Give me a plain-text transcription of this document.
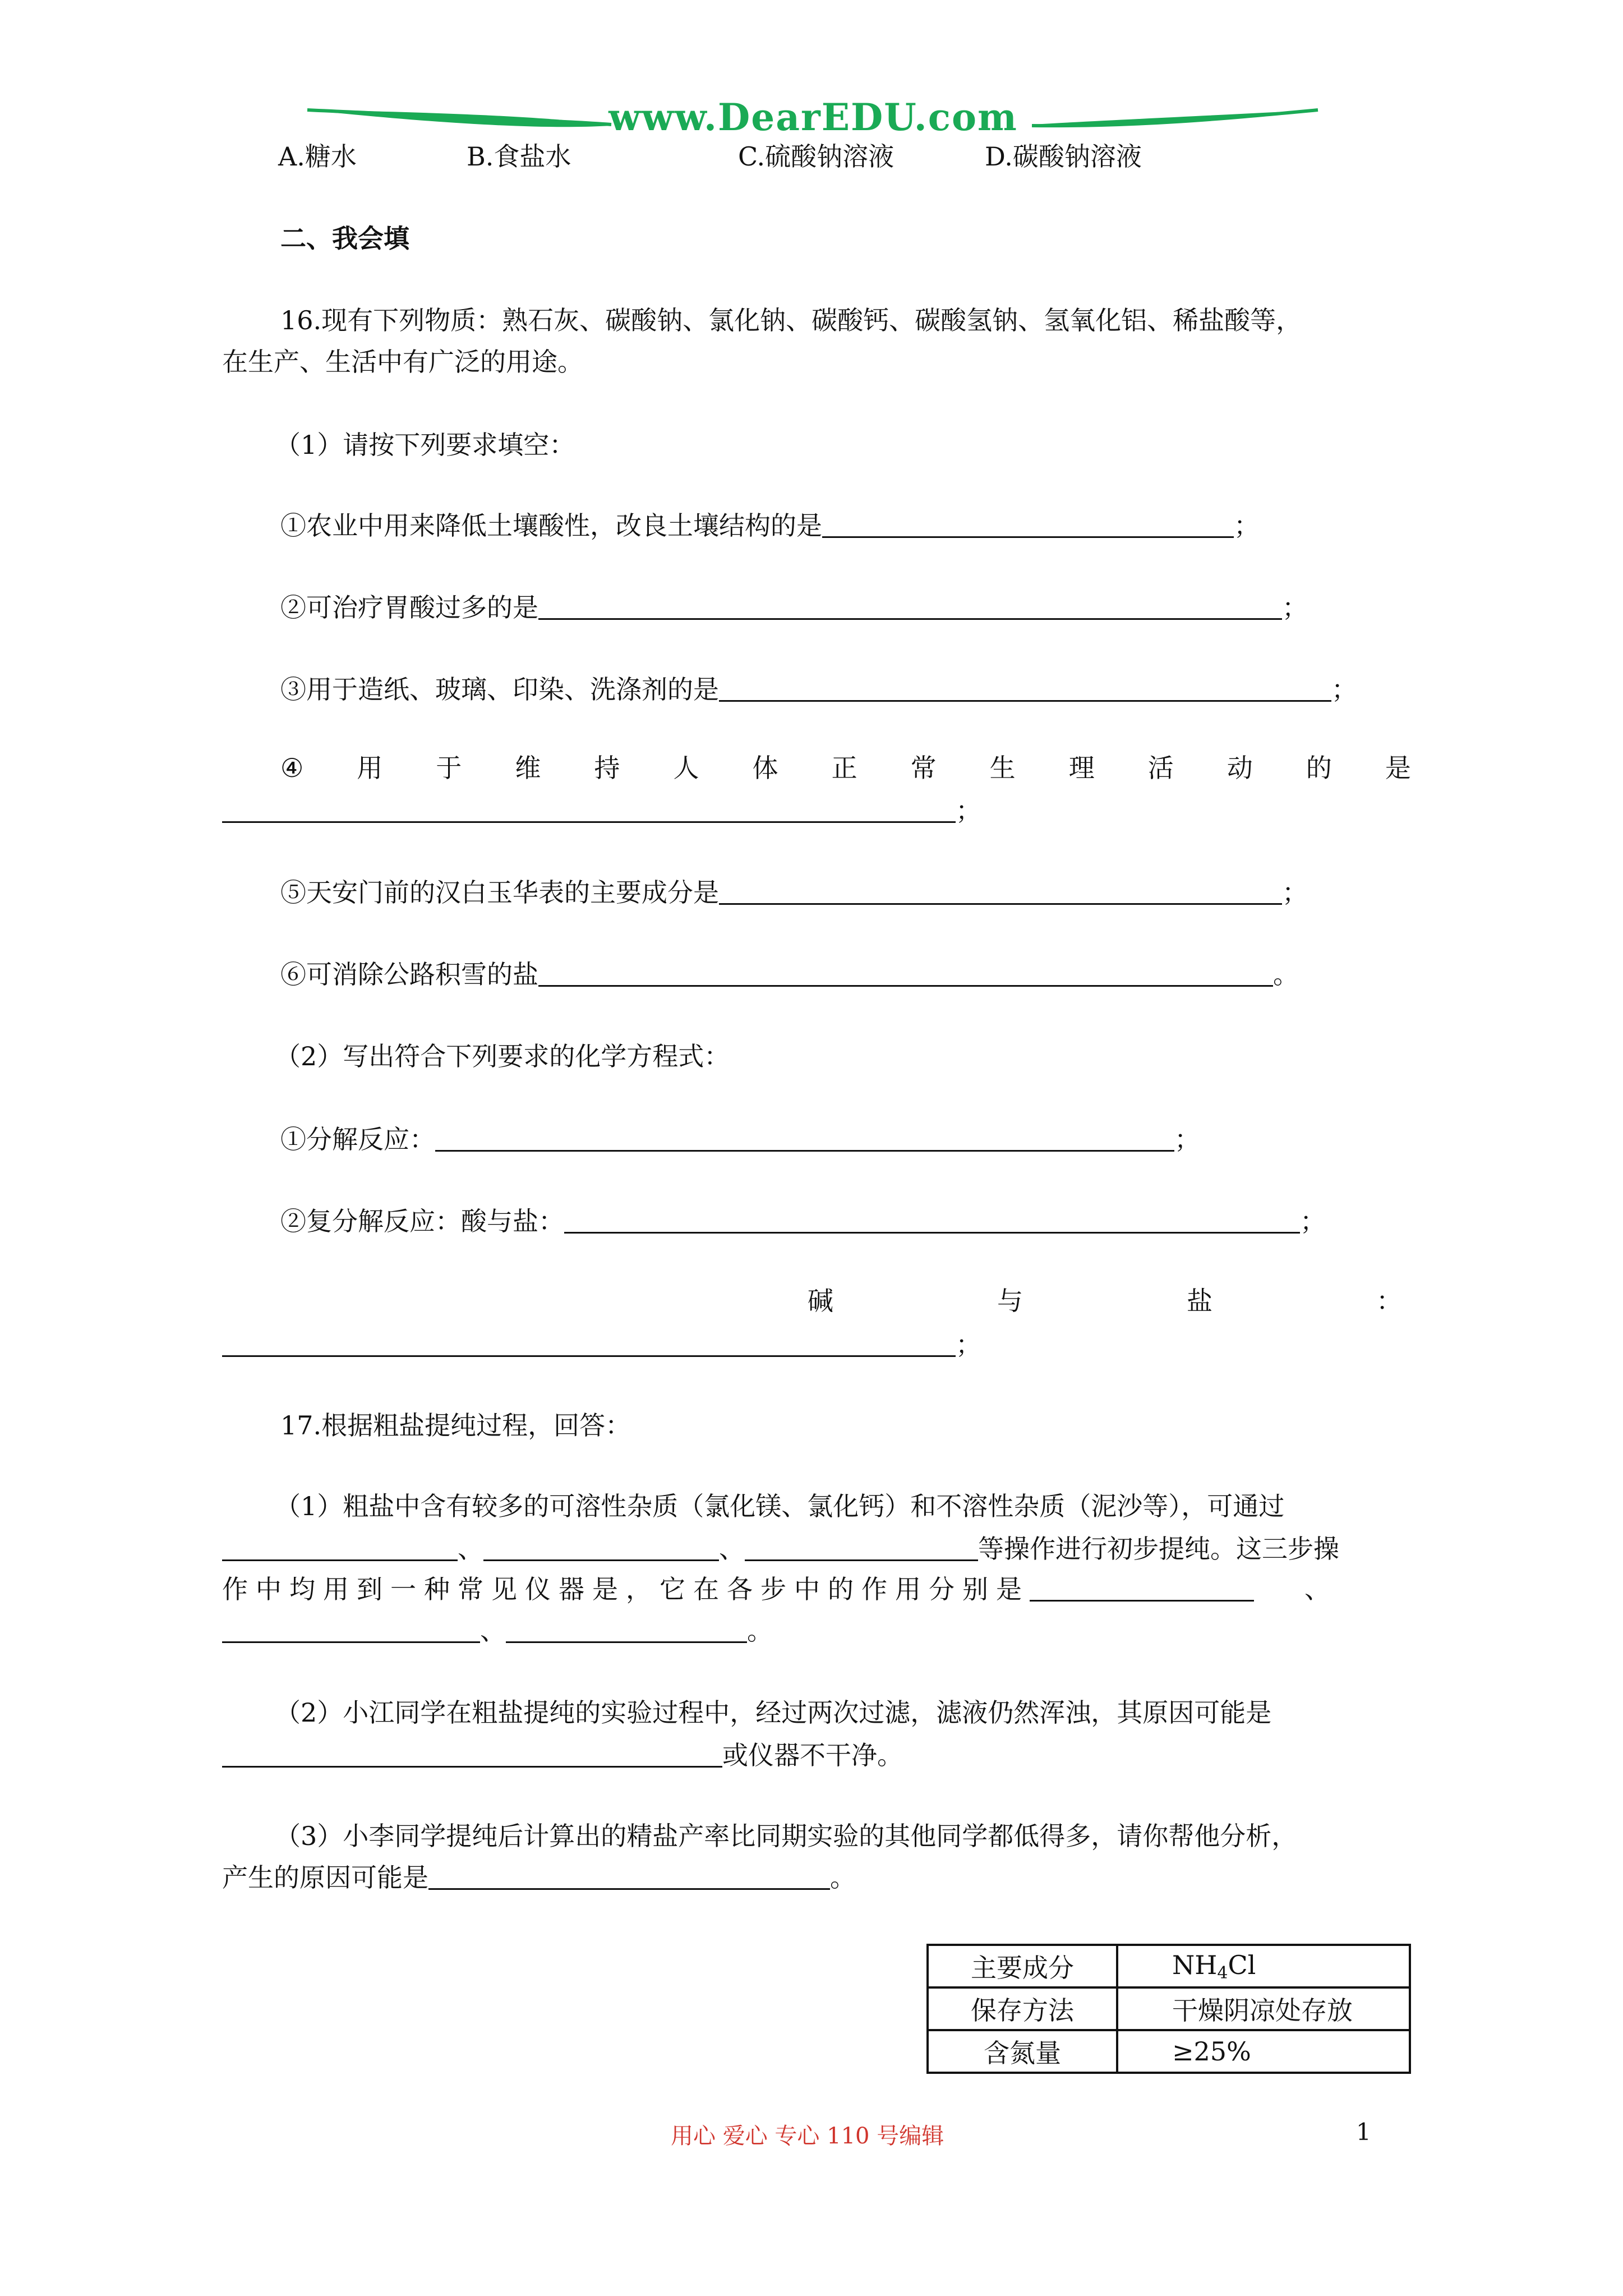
www.DearEDU.com
A.糖水	B.食盐水	C.硫酸钠溶液	D.碳酸钠溶液
二、我会填
16.现有下列物质：熟石灰、碳酸钠、氯化钠、碳酸钙、碳酸氢钠、氢氧化铝、稀盐酸等，
在生产、生活中有广泛的用途。
（1）请按下列要求填空：
①农业中用来降低土壤酸性，改良土壤结构的是	；
②可治疗胃酸过多的是	；
③用于造纸、玻璃、印染、洗涤剂的是	；
④ 用 于 维 持 人 体 正 常 生 理 活 动 的 是
；
⑤天安门前的汉白玉华表的主要成分是	；
⑥可消除公路积雪的盐	。
（2）写出符合下列要求的化学方程式：
①分解反应：	；
②复分解反应：酸与盐：	；
碱	与	盐	：
；
17.根据粗盐提纯过程，回答：
（1）粗盐中含有较多的可溶性杂质（氯化镁、氯化钙）和不溶性杂质（泥沙等），可通过
、	、	等操作进行初步提纯。这三步操
作中均用到一种常见仪器是，它在各步中的作用分别是	、
、	。
（2）小江同学在粗盐提纯的实验过程中，经过两次过滤，滤液仍然浑浊，其原因可能是
或仪器不干净。
（3）小李同学提纯后计算出的精盐产率比同期实验的其他同学都低得多，请你帮他分析，
产生的原因可能是	。
主要成分	$NH_4Cl$
保存方法	干燥阴凉处存放
含氮量	≥25%
用心 爱心 专心 110 号编辑	1
